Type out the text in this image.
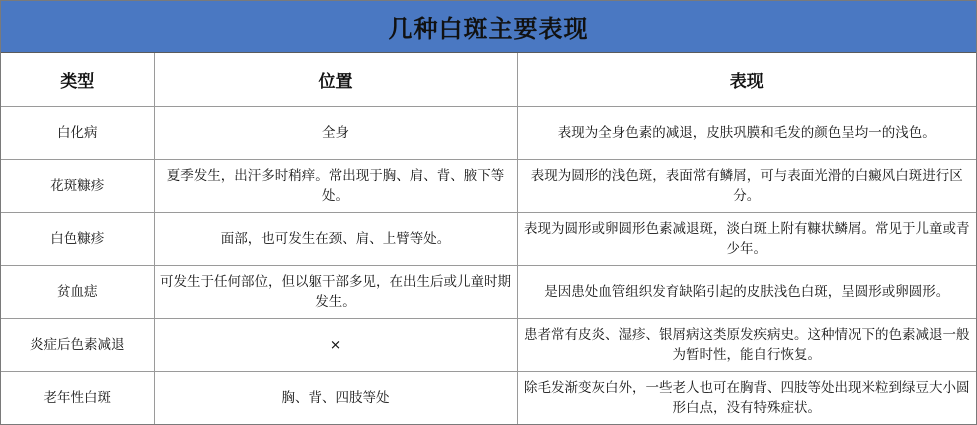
几种白斑主要表现
类型	位置	表现
白化病	全身	表现为全身色素的减退，皮肤巩膜和毛发的颜色呈均一的浅色。
花斑糠疹	夏季发生，出汗多时稍痒。常出现于胸、肩、背、腋下等处。	表现为圆形的浅色斑，表面常有鳞屑，可与表面光滑的白癜风白斑进行区分。
白色糠疹	面部，也可发生在颈、肩、上臂等处。	表现为圆形或卵圆形色素减退斑，淡白斑上附有糠状鳞屑。常见于儿童或青少年。
贫血痣	可发生于任何部位，但以躯干部多见，在出生后或儿童时期发生。	是因患处血管组织发育缺陷引起的皮肤浅色白斑，呈圆形或卵圆形。
炎症后色素减退	×	患者常有皮炎、湿疹、银屑病这类原发疾病史。这种情况下的色素减退一般为暂时性，能自行恢复。
老年性白斑	胸、背、四肢等处	除毛发渐变灰白外，一些老人也可在胸背、四肢等处出现米粒到绿豆大小圆形白点，没有特殊症状。
